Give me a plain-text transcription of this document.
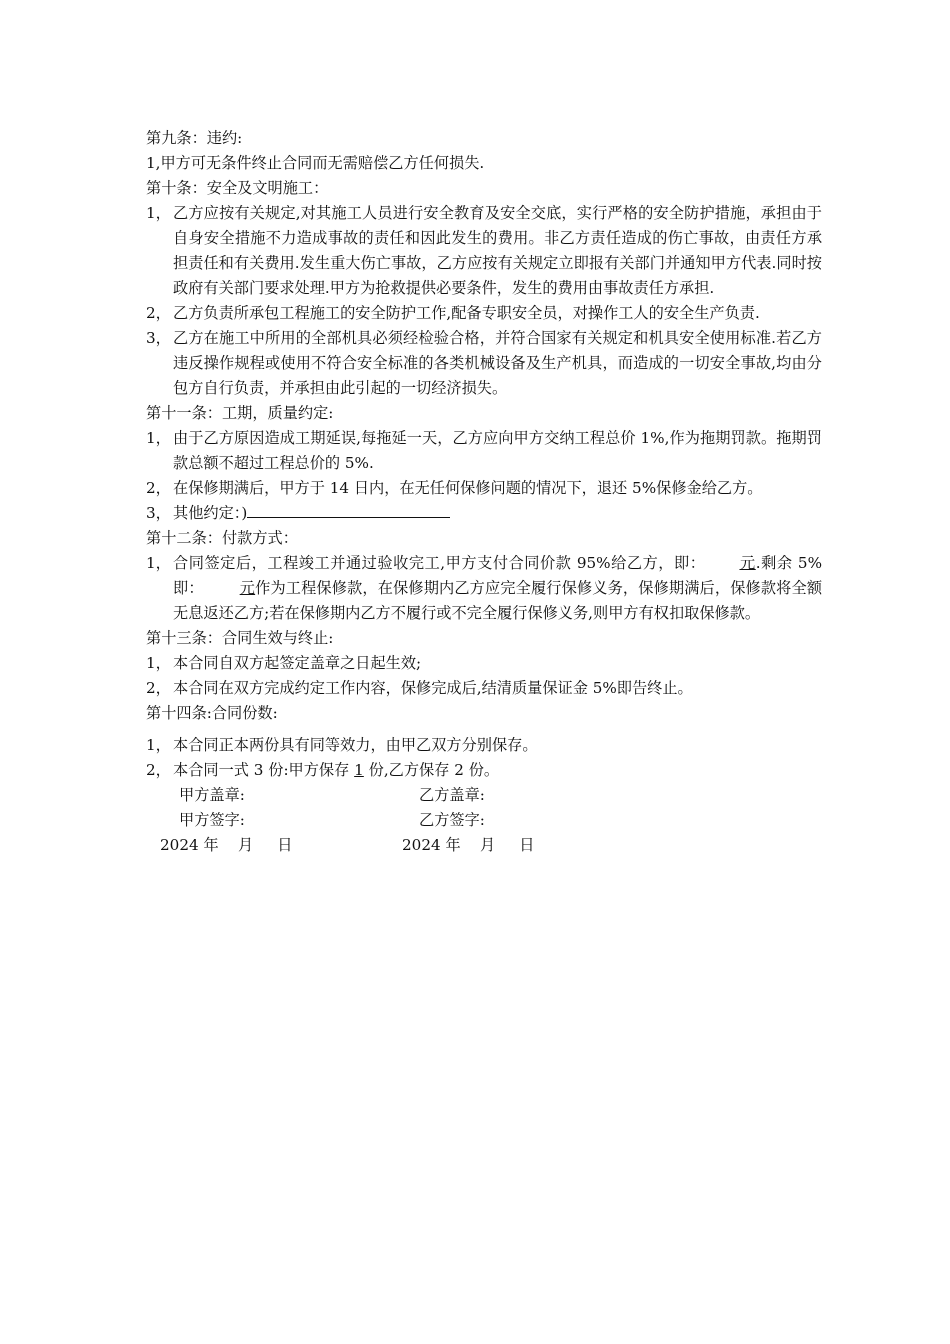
第九条：违约:
1,甲方可无条件终止合同而无需赔偿乙方任何损失.
第十条：安全及文明施工：
1， 乙方应按有关规定,对其施工人员进行安全教育及安全交底，实行严格的安全防护措施，承担由于自身安全措施不力造成事故的责任和因此发生的费用。非乙方责任造成的伤亡事故，由责任方承担责任和有关费用.发生重大伤亡事故，乙方应按有关规定立即报有关部门并通知甲方代表.同时按政府有关部门要求处理.甲方为抢救提供必要条件，发生的费用由事故责任方承担.
2， 乙方负责所承包工程施工的安全防护工作,配备专职安全员，对操作工人的安全生产负责.
3， 乙方在施工中所用的全部机具必须经检验合格，并符合国家有关规定和机具安全使用标准.若乙方违反操作规程或使用不符合安全标准的各类机械设备及生产机具，而造成的一切安全事故,均由分包方自行负责，并承担由此引起的一切经济损失。
第十一条：工期，质量约定:
1， 由于乙方原因造成工期延误,每拖延一天，乙方应向甲方交纳工程总价 1%,作为拖期罚款。拖期罚款总额不超过工程总价的 5%.
2， 在保修期满后，甲方于 14 日内，在无任何保修问题的情况下，退还 5%保修金给乙方。
3， 其他约定：)
第十二条：付款方式：
1， 合同签定后，工程竣工并通过验收完工,甲方支付合同价款 95%给乙方，即： 元.剩余 5%即： 元作为工程保修款，在保修期内乙方应完全履行保修义务，保修期满后，保修款将全额无息返还乙方;若在保修期内乙方不履行或不完全履行保修义务,则甲方有权扣取保修款。
第十三条：合同生效与终止:
1， 本合同自双方起签定盖章之日起生效;
2， 本合同在双方完成约定工作内容，保修完成后,结清质量保证金 5%即告终止。
第十四条:合同份数:
1， 本合同正本两份具有同等效力，由甲乙双方分别保存。
2， 本合同一式 3 份:甲方保存 1 份,乙方保存 2 份。
甲方盖章:	乙方盖章:
甲方签字:	乙方签字:

2024 年    月     日

	2024 年    月     日
